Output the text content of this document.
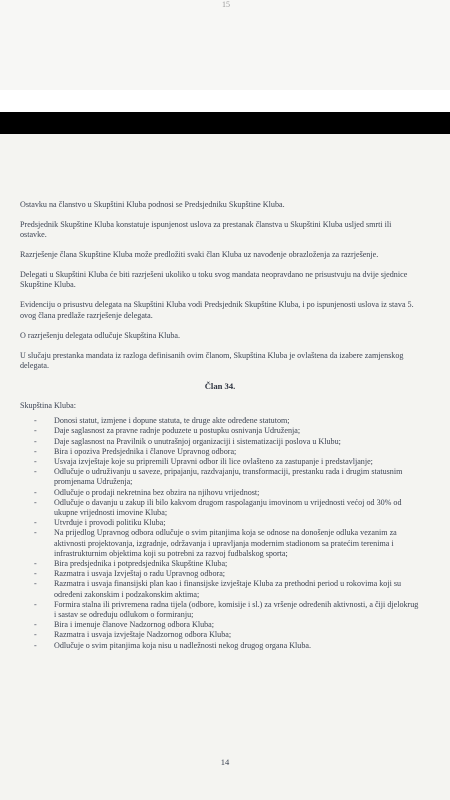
15

Ostavku na članstvo u Skupštini Kluba podnosi se Predsjedniku Skupštine Kluba.

Predsjednik Skupštine Kluba konstatuje ispunjenost uslova za prestanak članstva u Skupštini Kluba usljed smrti ili ostavke.

Razrješenje člana Skupštine Kluba može predložiti svaki član Kluba uz navođenje obrazloženja za razrješenje.

Delegati u Skupštini Kluba će biti razrješeni ukoliko u toku svog mandata neopravdano ne prisustvuju na dvije sjednice Skupštine Kluba.

Evidenciju o prisustvu delegata na Skupštini Kluba vodi Predsjednik Skupštine Kluba, i po ispunjenosti uslova iz stava 5. ovog člana predlaže razrješenje delegata.

O razrješenju delegata odlučuje Skupština Kluba.

U slučaju prestanka mandata iz razloga definisanih ovim članom, Skupština Kluba je ovlaštena da izabere zamjenskog delegata.

Član 34.

Skupština Kluba:

- Donosi statut, izmjene i dopune statuta, te druge akte određene statutom;
- Daje saglasnost za pravne radnje poduzete u postupku osnivanja Udruženja;
- Daje saglasnost na Pravilnik o unutrašnjoj organizaciji i sistematizaciji poslova u Klubu;
- Bira i opoziva Predsjednika i članove Upravnog odbora;
- Usvaja izvještaje koje su pripremili Upravni odbor ili lice ovlašteno za zastupanje i predstavljanje;
- Odlučuje o udruživanju u saveze, pripajanju, razdvajanju, transformaciji, prestanku rada i drugim statusnim promjenama Udruženja;
- Odlučuje o prodaji nekretnina bez obzira na njihovu vrijednost;
- Odlučuje o davanju u zakup ili bilo kakvom drugom raspolaganju imovinom u vrijednosti većoj od 30% od ukupne vrijednosti imovine Kluba;
- Utvrđuje i provodi politiku Kluba;
- Na prijedlog Upravnog odbora odlučuje o svim pitanjima koja se odnose na donošenje odluka vezanim za aktivnosti projektovanja, izgradnje, održavanja i upravljanja modernim stadionom sa pratećim terenima i infrastrukturnim objektima koji su potrebni za razvoj fudbalskog sporta;
- Bira predsjednika i potpredsjednika Skupštine Kluba;
- Razmatra i usvaja Izvještaj o radu Upravnog odbora;
- Razmatra i usvaja finansijski plan kao i finansijske izvještaje Kluba za prethodni period u rokovima koji su određeni zakonskim i podzakonskim aktima;
- Formira stalna ili privremena radna tijela (odbore, komisije i sl.) za vršenje određenih aktivnosti, a čiji djelokrug i sastav se određuju odlukom o formiranju;
- Bira i imenuje članove Nadzornog odbora Kluba;
- Razmatra i usvaja izvještaje Nadzornog odbora Kluba;
- Odlučuje o svim pitanjima koja nisu u nadležnosti nekog drugog organa Kluba.
14
